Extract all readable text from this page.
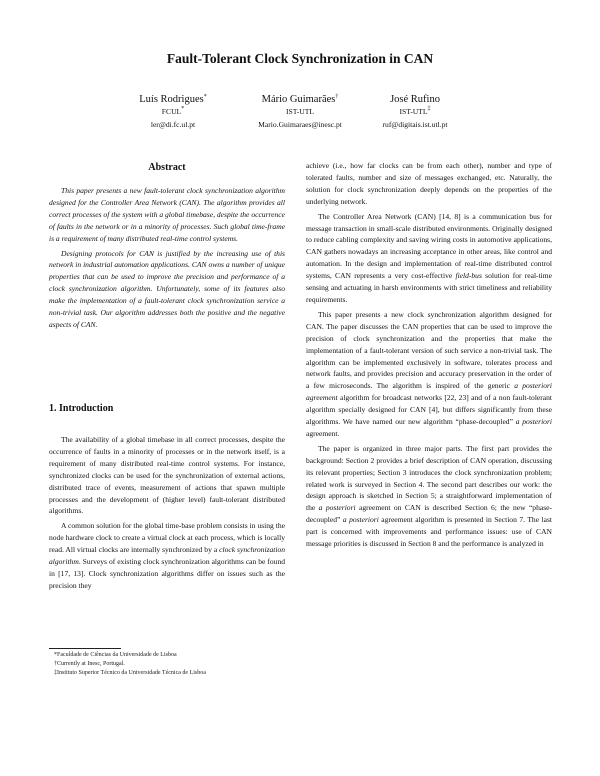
Fault-Tolerant Clock Synchronization in CAN
Luís Rodrigues*
FCUL*
ler@di.fc.ul.pt
Mário Guimarães†
IST-UTL
Mario.Guimaraes@inesc.pt
José Rufino
IST-UTL‡
ruf@digitais.ist.utl.pt
Abstract

This paper presents a new fault-tolerant clock synchronization algorithm designed for the Controller Area Network (CAN). The algorithm provides all correct processes of the system with a global timebase, despite the occurrence of faults in the network or in a minority of processes. Such global time-frame is a requirement of many distributed real-time control systems.

Designing protocols for CAN is justified by the increasing use of this network in industrial automation applications. CAN owns a number of unique properties that can be used to improve the precision and performance of a clock synchronization algorithm. Unfortunately, some of its features also make the implementation of a fault-tolerant clock synchronization service a non-trivial task. Our algorithm addresses both the positive and the negative aspects of CAN.

1. Introduction

The availability of a global timebase in all correct processes, despite the occurrence of faults in a minority of processes or in the network itself, is a requirement of many distributed real-time control systems. For instance, synchronized clocks can be used for the synchronization of external actions, distributed trace of events, measurement of actions that spawn multiple processes and the development of (higher level) fault-tolerant distributed algorithms.

A common solution for the global time-base problem consists in using the node hardware clock to create a virtual clock at each process, which is locally read. All virtual clocks are internally synchronized by a clock synchronization algorithm. Surveys of existing clock synchronization algorithms can be found in [17, 13]. Clock synchronization algorithms differ on issues such as the precision they

achieve (i.e., how far clocks can be from each other), number and type of tolerated faults, number and size of messages exchanged, etc. Naturally, the solution for clock synchronization deeply depends on the properties of the underlying network.

The Controller Area Network (CAN) [14, 8] is a communication bus for message transaction in small-scale distributed environments. Originally designed to reduce cabling complexity and saving wiring costs in automotive applications, CAN gathers nowadays an increasing acceptance in other areas, like control and automation. In the design and implementation of real-time distributed control systems, CAN represents a very cost-effective field-bus solution for real-time sensing and actuating in harsh environments with strict timeliness and reliability requirements.

This paper presents a new clock synchronization algorithm designed for CAN. The paper discusses the CAN properties that can be used to improve the precision of clock synchronization and the properties that make the implementation of a fault-tolerant version of such service a non-trivial task. The algorithm can be implemented exclusively in software, tolerates process and network faults, and provides precision and accuracy preservation in the order of a few microseconds. The algorithm is inspired of the generic a posteriori agreement algorithm for broadcast networks [22, 23] and of a non fault-tolerant algorithm specially designed for CAN [4], but differs significantly from these algorithms. We have named our new algorithm “phase-decoupled” a posteriori agreement.

The paper is organized in three major parts. The first part provides the background: Section 2 provides a brief description of CAN operation, discussing its relevant properties; Section 3 introduces the clock synchronization problem; related work is surveyed in Section 4. The second part describes our work: the design approach is sketched in Section 5; a straightforward implementation of the a posteriori agreement on CAN is described Section 6; the new “phase-decoupled” a posteriori agreement algorithm is presented in Section 7. The last part is concerned with improvements and performance issues: use of CAN message priorities is discussed in Section 8 and the performance is analyzed in

*Faculdade de Ciências da Universidade de Lisboa

†Currently at Inesc, Portugal.

‡Instituto Superior Técnico da Universidade Técnica de Lisboa
